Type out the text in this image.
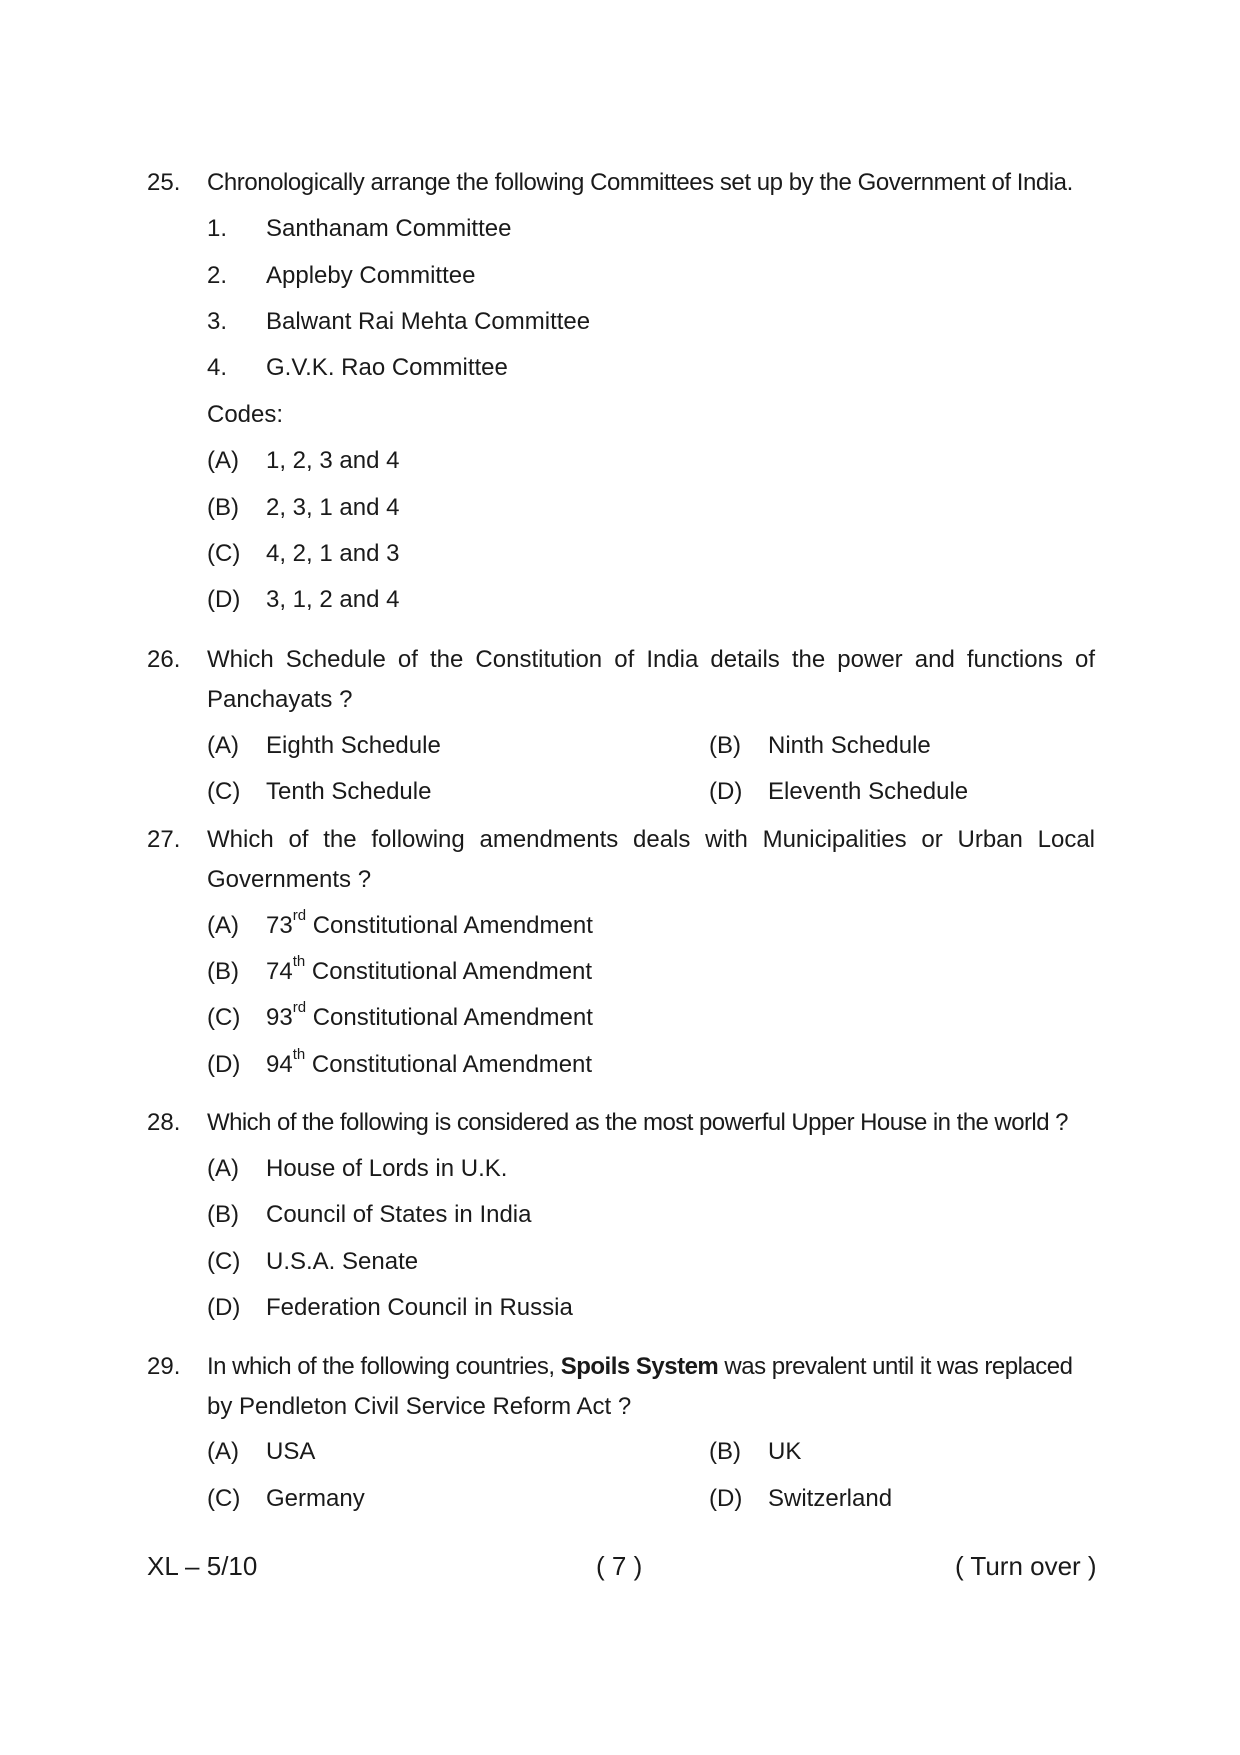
25. Chronologically arrange the following Committees set up by the Government of India.
1. Santhanam Committee
2. Appleby Committee
3. Balwant Rai Mehta Committee
4. G.V.K. Rao Committee
Codes:
(A) 1, 2, 3 and 4
(B) 2, 3, 1 and 4
(C) 4, 2, 1 and 3
(D) 3, 1, 2 and 4
26. Which Schedule of the Constitution of India details the power and functions of
Panchayats ?
(A) Eighth Schedule	(B) Ninth Schedule
(C) Tenth Schedule	(D) Eleventh Schedule
27. Which of the following amendments deals with Municipalities or Urban Local
Governments ?
(A) 73rd Constitutional Amendment
(B) 74th Constitutional Amendment
(C) 93rd Constitutional Amendment
(D) 94th Constitutional Amendment
28. Which of the following is considered as the most powerful Upper House in the world ?
(A) House of Lords in U.K.
(B) Council of States in India
(C) U.S.A. Senate
(D) Federation Council in Russia
29. In which of the following countries, Spoils System was prevalent until it was replaced
by Pendleton Civil Service Reform Act ?
(A) USA	(B) UK
(C) Germany	(D) Switzerland
XL – 5/10	( 7 )	( Turn over )
